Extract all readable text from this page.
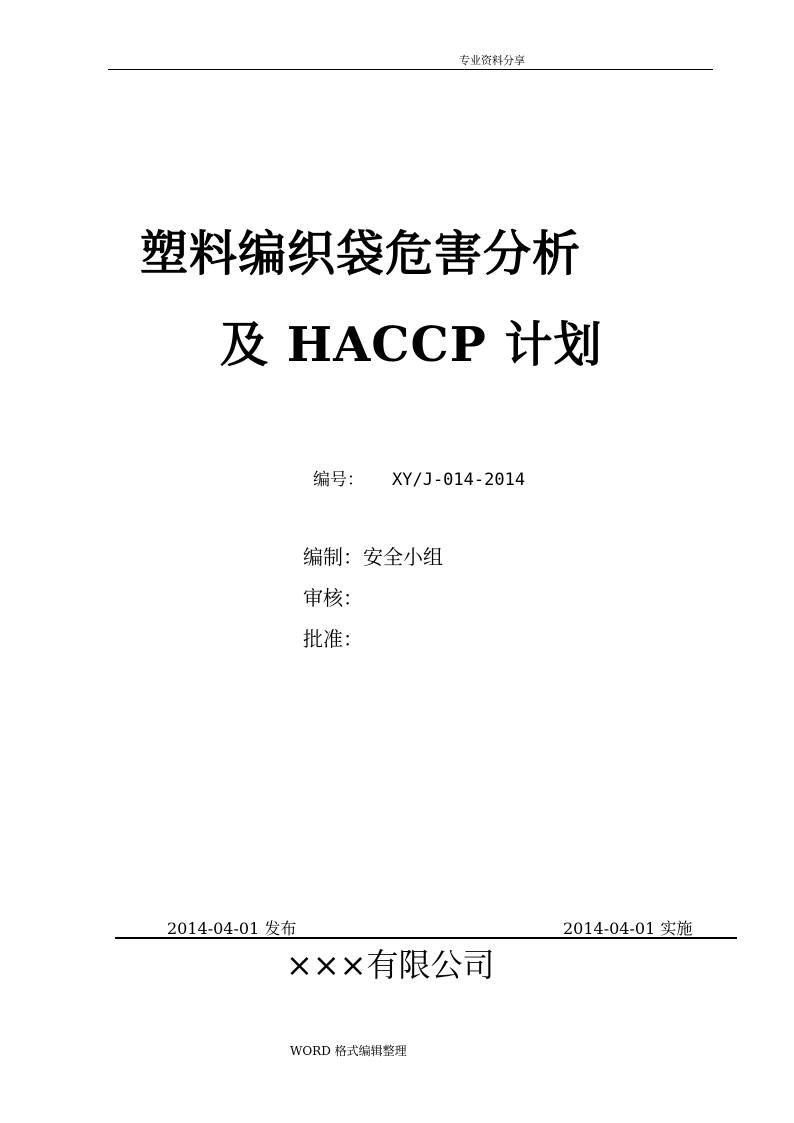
专业资料分享
塑料编织袋危害分析
及 HACCP 计划
编号： XY/J-014-2014
编制：安全小组
审核：
批准：
2014-04-01 发布	2014-04-01 实施
×××有限公司
WORD 格式编辑整理
